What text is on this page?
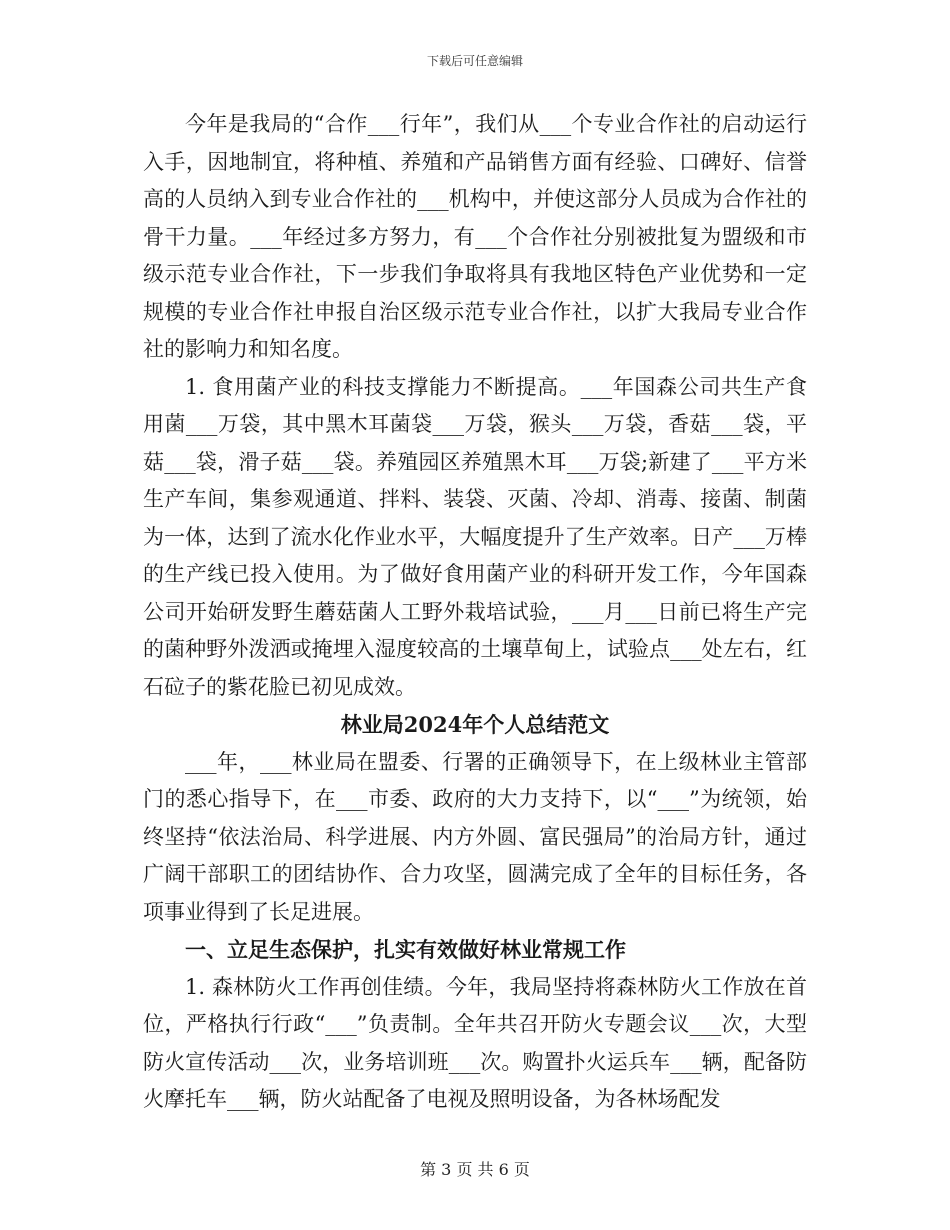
下载后可任意编辑

今年是我局的“合作___行年”，我们从___个专业合作社的启动运行入手，因地制宜，将种植、养殖和产品销售方面有经验、口碑好、信誉高的人员纳入到专业合作社的___机构中，并使这部分人员成为合作社的骨干力量。___年经过多方努力，有___个合作社分别被批复为盟级和市级示范专业合作社，下一步我们争取将具有我地区特色产业优势和一定规模的专业合作社申报自治区级示范专业合作社，以扩大我局专业合作社的影响力和知名度。

1. 食用菌产业的科技支撑能力不断提高。___年国森公司共生产食用菌___万袋，其中黑木耳菌袋___万袋，猴头___万袋，香菇___袋，平菇___袋，滑子菇___袋。养殖园区养殖黑木耳___万袋;新建了___平方米生产车间，集参观通道、拌料、装袋、灭菌、冷却、消毒、接菌、制菌为一体，达到了流水化作业水平，大幅度提升了生产效率。日产___万棒的生产线已投入使用。为了做好食用菌产业的科研开发工作，今年国森公司开始研发野生蘑菇菌人工野外栽培试验，___月___日前已将生产完的菌种野外泼洒或掩埋入湿度较高的土壤草甸上，试验点___处左右，红石砬子的紫花脸已初见成效。

林业局2024年个人总结范文

___年，___林业局在盟委、行署的正确领导下，在上级林业主管部门的悉心指导下，在___市委、政府的大力支持下，以“___”为统领，始终坚持“依法治局、科学进展、内方外圆、富民强局”的治局方针，通过广阔干部职工的团结协作、合力攻坚，圆满完成了全年的目标任务，各项事业得到了长足进展。

一、立足生态保护，扎实有效做好林业常规工作

1. 森林防火工作再创佳绩。今年，我局坚持将森林防火工作放在首位，严格执行行政“___”负责制。全年共召开防火专题会议___次，大型防火宣传活动___次，业务培训班___次。购置扑火运兵车___辆，配备防火摩托车___辆，防火站配备了电视及照明设备，为各林场配发

第 3 页 共 6 页
